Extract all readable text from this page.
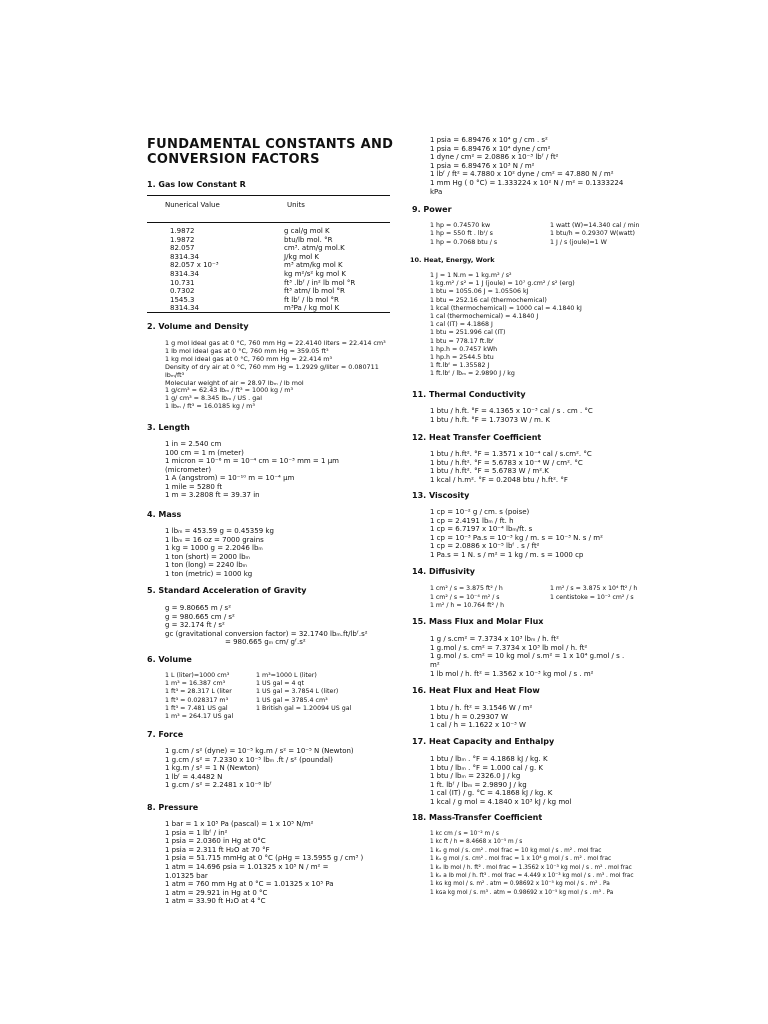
FUNDAMENTAL CONSTANTS AND
CONVERSION FACTORS
1. Gas low Constant R
Nunerical Value	Units
1.9872	g cal/g mol K
1.9872	btu/lb mol. °R
82.057	cm³. atm/g mol.K
8314.34	J/kg mol K
82.057 x 10⁻³	m³ atm/kg mol K
8314.34	kg m²/s² kg mol K
10.731	ft³ .lbᶠ / in² lb mol °R
0.7302	ft³ atm/ lb mol °R
1545.3	ft lbᶠ / lb mol °R
8314.34	m³Pa / kg mol K
2. Volume and Density
1 g mol ideal gas at 0 °C, 760 mm Hg = 22.4140 liters = 22.414 cm³
1 lb mol ideal gas at 0 °C, 760 mm Hg = 359.05 ft³
1 kg mol ideal gas at 0 °C, 760 mm Hg = 22.414 m³
Density of dry air at 0 °C, 760 mm Hg = 1.2929 g/liter = 0.080711
lbₘ/ft³
Molecular weight of air = 28.97 lbₘ / lb mol
1 g/cm³ = 62.43 lbₘ / ft³ = 1000 kg / m³
1 g/ cm³ = 8.345 lbₘ / US . gal
1 lbₘ / ft³ = 16.0185 kg / m³
3. Length
1 in = 2.540 cm
100 cm = 1 m (meter)
1 micron = 10⁻⁶ m = 10⁻⁴ cm = 10⁻³ mm = 1 μm
(micrometer)
1 A (angstrom) = 10⁻¹⁰ m = 10⁻⁴ μm
1 mile = 5280 ft
1 m = 3.2808 ft = 39.37 in
4. Mass
1 lbₘ = 453.59 g = 0.45359 kg
1 lbₘ = 16 oz = 7000 grains
1 kg = 1000 g = 2.2046 lbₘ
1 ton (short) = 2000 lbₘ
1 ton (long) = 2240 lbₘ
1 ton (metric) = 1000 kg
5. Standard Acceleration of Gravity
g = 9.80665 m / s²
g = 980.665 cm / s²
g = 32.174 ft / s²
gc (gravitational conversion factor) = 32.1740 lbₘ.ft/lbᶠ.s²
= 980.665 gₘ cm/ gᶠ.s²
6. Volume
1 L (liter)=1000 cm³
1 m³ = 16.387 cm³
1 ft³ = 28.317 L (liter
1 ft³ = 0.028317 m³
1 ft³ = 7.481 US gal
1 m³ = 264.17 US gal
1 m³=1000 L (liter)
1 US gal = 4 qt
1 US gal = 3.7854 L (liter)
1 US gal = 3785.4 cm³
1 British gal = 1.20094 US gal
7. Force
1 g.cm / s² (dyne) = 10⁻⁵ kg.m / s² = 10⁻⁵ N (Newton)
1 g.cm / s² = 7.2330 x 10⁻⁵ lbₘ .ft / s² (poundal)
1 kg.m / s² = 1 N (Newton)
1 lbᶠ = 4.4482 N
1 g.cm / s² = 2.2481 x 10⁻⁶ lbᶠ
8. Pressure
1 bar = 1 x 10⁵ Pa (pascal) = 1 x 10⁵ N/m²
1 psia = 1 lbᶠ / in²
1 psia = 2.0360 in Hg at 0°C
1 psia = 2.311 ft H₂O at 70 °F
1 psia = 51.715 mmHg at 0 °C (ρHg = 13.5955 g / cm³ )
1 atm = 14.696 psia = 1.01325 x 10⁵ N / m² =
1.01325 bar
1 atm = 760 mm Hg at 0 °C = 1.01325 x 10⁵ Pa
1 atm = 29.921 in Hg at 0 °C
1 atm = 33.90 ft H₂O at 4 °C
1 psia = 6.89476 x 10⁴ g / cm . s²
1 psia = 6.89476 x 10⁴ dyne / cm²
1 dyne / cm² = 2.0886 x 10⁻³ lbᶠ / ft²
1 psia = 6.89476 x 10³ N / m²
1 lbᶠ / ft² = 4.7880 x 10² dyne / cm² = 47.880 N / m²
1 mm Hg ( 0 °C) = 1.333224 x 10² N / m² = 0.1333224
kPa
9. Power
1 hp = 0.74570 kw
1 hp = 550 ft . lbᶠ/ s
1 hp = 0.7068 btu / s
1 watt (W)=14.340 cal / min
1 btu/h = 0.29307 W(watt)
1 J / s (joule)=1 W
10. Heat, Energy, Work
1 J = 1 N.m = 1 kg.m² / s²
1 kg.m² / s² = 1 J (joule) = 10⁷ g.cm² / s² (erg)
1 btu = 1055.06 J = 1.05506 kJ
1 btu = 252.16 cal (thermochemical)
1 kcal (thermochemical) = 1000 cal = 4.1840 kJ
1 cal (thermochemical) = 4.1840 J
1 cal (IT) = 4.1868 J
1 btu = 251.996 cal (IT)
1 btu = 778.17 ft.lbᶠ
1 hp.h = 0.7457 kWh
1 hp.h = 2544.5 btu
1 ft.lbᶠ = 1.35582 J
1 ft.lbᶠ / lbₘ = 2.9890 J / kg
11. Thermal Conductivity
1 btu / h.ft. °F = 4.1365 x 10⁻³ cal / s . cm . °C
1 btu / h.ft. °F = 1.73073 W / m. K
12. Heat Transfer Coefficient
1 btu / h.ft². °F = 1.3571 x 10⁻⁴ cal / s.cm². °C
1 btu / h.ft². °F = 5.6783 x 10⁻⁴ W / cm². °C
1 btu / h.ft². °F = 5.6783 W / m².K
1 kcal / h.m². °F = 0.2048 btu / h.ft². °F
13. Viscosity
1 cp = 10⁻² g / cm. s (poise)
1 cp = 2.4191 lbₘ / ft. h
1 cp = 6.7197 x 10⁻⁴ lbₘ/ft. s
1 cp = 10⁻³ Pa.s = 10⁻³ kg / m. s = 10⁻³ N. s / m²
1 cp = 2.0886 x 10⁻⁵ lbᶠ . s / ft²
1 Pa.s = 1 N. s / m² = 1 kg / m. s = 1000 cp
14. Diffusivity
1 cm² / s = 3.875 ft² / h
1 cm² / s = 10⁻⁴ m² / s
1 m² / h = 10.764 ft² / h
1 m² / s = 3.875 x 10⁴ ft² / h
1 centistoke = 10⁻² cm² / s
15. Mass Flux and Molar Flux
1 g / s.cm² = 7.3734 x 10³ lbₘ / h. ft²
1 g.mol / s. cm² = 7.3734 x 10³ lb mol / h. ft²
1 g.mol / s. cm² = 10 kg mol / s.m² = 1 x 10⁴ g.mol / s .
m²
1 lb mol / h. ft² = 1.3562 x 10⁻³ kg mol / s . m²
16. Heat Flux and Heat Flow
1 btu / h. ft² = 3.1546 W / m²
1 btu / h = 0.29307 W
1 cal / h = 1.1622 x 10⁻³ W
17. Heat Capacity and Enthalpy
1 btu / lbₘ . °F = 4.1868 kJ / kg. K
1 btu / lbₘ . °F = 1.000 cal / g. K
1 btu / lbₘ = 2326.0 J / kg
1 ft. lbᶠ / lbₘ = 2.9890 J / kg
1 cal (IT) / g. °C = 4.1868 kJ / kg. K
1 kcal / g mol = 4.1840 x 10³ kJ / kg mol
18. Mass-Transfer Coefficient
1 kᴄ cm / s = 10⁻² m / s
1 kᴄ ft / h = 8.4668 x 10⁻⁵ m / s
1 kₓ g mol / s. cm² . mol frac = 10 kg mol / s . m² . mol frac
1 kₓ g mol / s. cm² . mol frac = 1 x 10⁴ g mol / s . m² . mol frac
1 kₓ lb mol / h. ft² . mol frac = 1.3562 x 10⁻³ kg mol / s . m² . mol frac
1 kₓ a lb mol / h. ft³ . mol frac = 4.449 x 10⁻³ kg mol / s . m³ . mol frac
1 kɢ kg mol / s. m² . atm = 0.98692 x 10⁻⁵ kg mol / s . m² . Pa
1 kɢa kg mol / s. m³ . atm = 0.98692 x 10⁻⁵ kg mol / s . m³ . Pa
